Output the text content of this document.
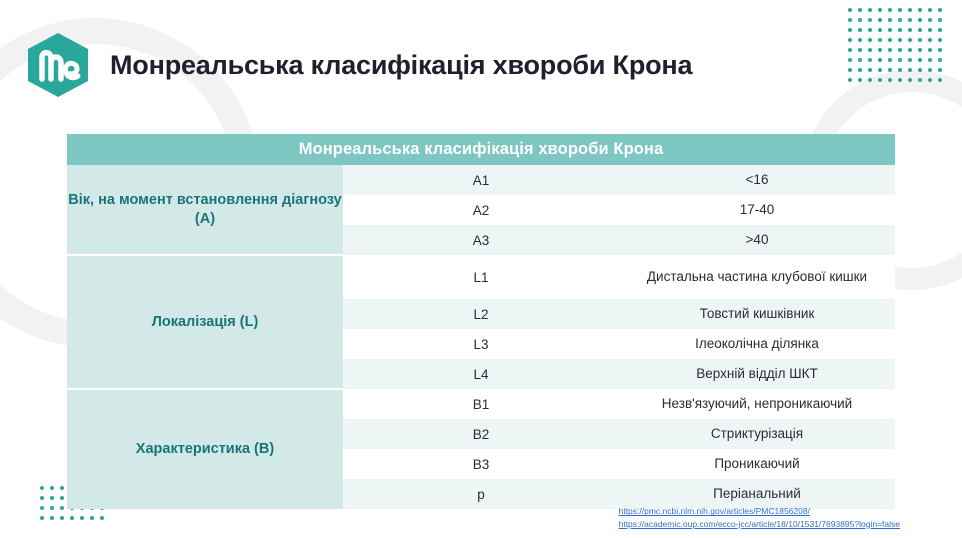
Монреальська класифікація хвороби Крона
Монреальська класифікація хвороби Крона		
Вік, на момент встановлення діагнозу (A)	A1	<16
	A2	17-40
	A3	>40
Локалізація (L)	L1	Дистальна частина клубової кишки
	L2	Товстий кишківник
	L3	Ілеоколічна ділянка
	L4	Верхній відділ ШКТ
Характеристика (B)	B1	Незв'язуючий, непроникаючий
	B2	Стриктурізація
	B3	Проникаючий
	p	Періанальний
https://pmc.ncbi.nlm.nih.gov/articles/PMC1856208/
https://academic.oup.com/ecco-jcc/article/18/10/1531/7693895?login=false
